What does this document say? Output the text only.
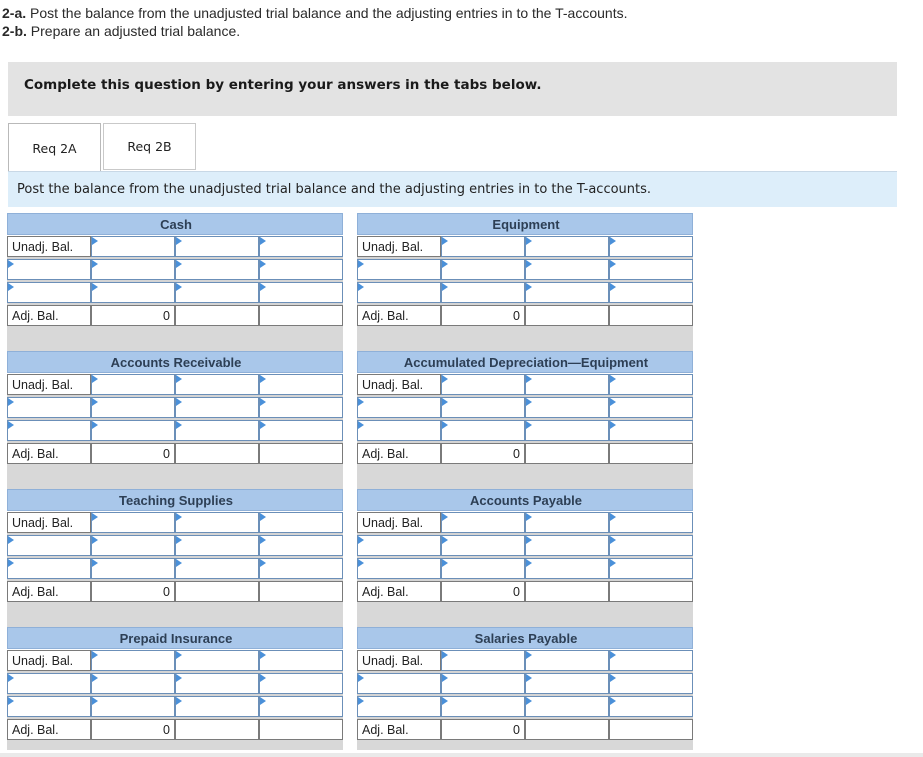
2-a. Post the balance from the unadjusted trial balance and the adjusting entries in to the T-accounts.
2-b. Prepare an adjusted trial balance.
Complete this question by entering your answers in the tabs below.
Req 2A	Req 2B
Post the balance from the unadjusted trial balance and the adjusting entries in to the T-accounts.
Cash
Unadj. Bal.
Adj. Bal.	0
Equipment
Unadj. Bal.
Adj. Bal.	0
Accounts Receivable
Unadj. Bal.
Adj. Bal.	0
Accumulated Depreciation—Equipment
Unadj. Bal.
Adj. Bal.	0
Teaching Supplies
Unadj. Bal.
Adj. Bal.	0
Accounts Payable
Unadj. Bal.
Adj. Bal.	0
Prepaid Insurance
Unadj. Bal.
Adj. Bal.	0
Salaries Payable
Unadj. Bal.
Adj. Bal.	0
